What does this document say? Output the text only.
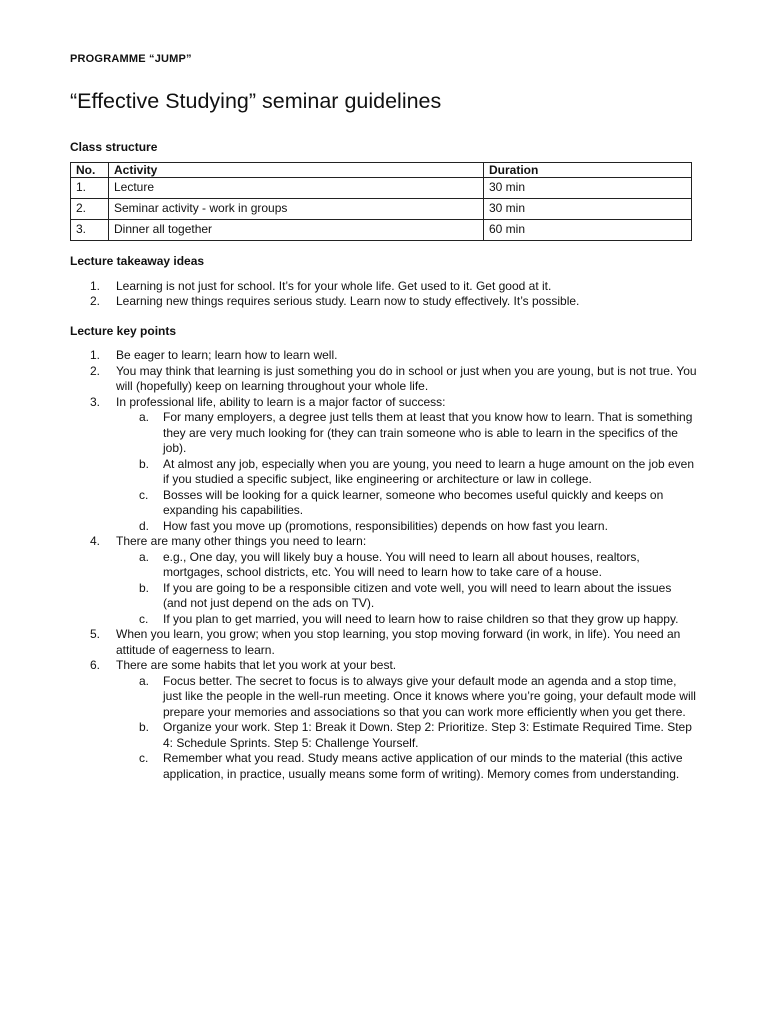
PROGRAMME “JUMP”

“Effective Studying” seminar guidelines
Class structure
No.	Activity	Duration
1.	Lecture	30 min
2.	Seminar activity - work in groups	30 min
3.	Dinner all together	60 min
Lecture takeaway ideas
1. Learning is not just for school. It’s for your whole life. Get used to it. Get good at it.
2. Learning new things requires serious study. Learn now to study effectively. It’s possible.
Lecture key points
1. Be eager to learn; learn how to learn well.
2. You may think that learning is just something you do in school or just when you are young, but is not true. You will (hopefully) keep on learning throughout your whole life.
3. In professional life, ability to learn is a major factor of success:
a. For many employers, a degree just tells them at least that you know how to learn. That is something they are very much looking for (they can train someone who is able to learn in the specifics of the job).
b. At almost any job, especially when you are young, you need to learn a huge amount on the job even if you studied a specific subject, like engineering or architecture or law in college.
c. Bosses will be looking for a quick learner, someone who becomes useful quickly and keeps on expanding his capabilities.
d. How fast you move up (promotions, responsibilities) depends on how fast you learn.
4. There are many other things you need to learn:
a. e.g., One day, you will likely buy a house. You will need to learn all about houses, realtors, mortgages, school districts, etc. You will need to learn how to take care of a house.
b. If you are going to be a responsible citizen and vote well, you will need to learn about the issues (and not just depend on the ads on TV).
c. If you plan to get married, you will need to learn how to raise children so that they grow up happy.
5. When you learn, you grow; when you stop learning, you stop moving forward (in work, in life). You need an attitude of eagerness to learn.
6. There are some habits that let you work at your best.
a. Focus better. The secret to focus is to always give your default mode an agenda and a stop time, just like the people in the well-run meeting. Once it knows where you’re going, your default mode will prepare your memories and associations so that you can work more efficiently when you get there.
b. Organize your work. Step 1: Break it Down. Step 2: Prioritize. Step 3: Estimate Required Time. Step 4: Schedule Sprints. Step 5: Challenge Yourself.
c. Remember what you read. Study means active application of our minds to the material (this active application, in practice, usually means some form of writing). Memory comes from understanding.
